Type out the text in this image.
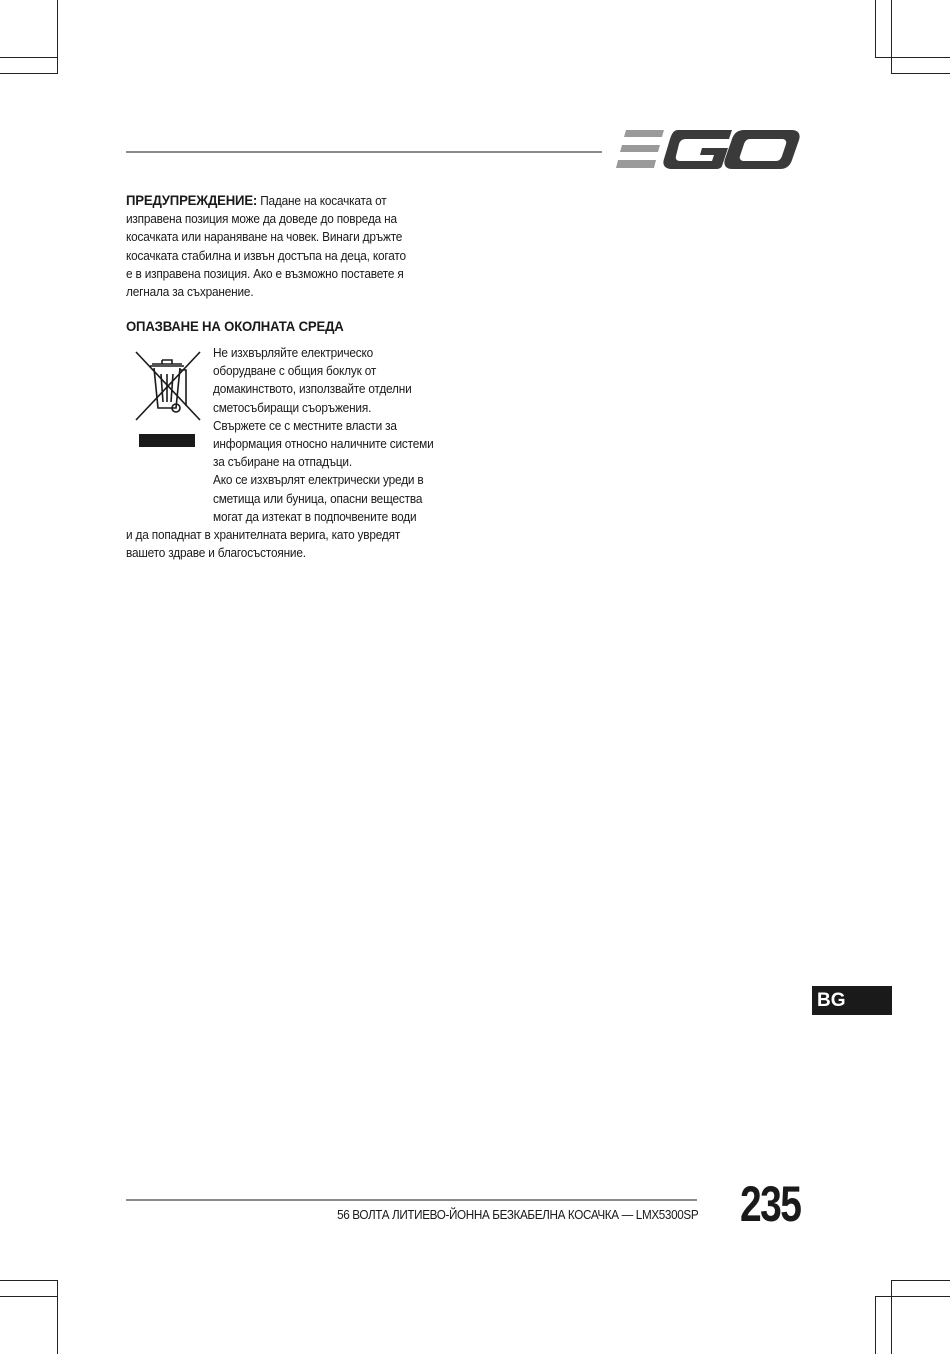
ПРЕДУПРЕЖДЕНИЕ: Падане на косачката от
изправена позиция може да доведе до повреда на
косачката или нараняване на човек. Винаги дръжте
косачката стабилна и извън достъпа на деца, когато
е в изправена позиция. Ако е възможно поставете я
легнала за съхранение.
ОПАЗВАНЕ НА ОКОЛНАТА СРЕДА
Не изхвърляйте електрическо
оборудване с общия боклук от
домакинството, използвайте отделни
сметосъбиращи съоръжения.
Свържете се с местните власти за
информация относно наличните системи
за събиране на отпадъци.
Ако се изхвърлят електрически уреди в
сметища или буница, опасни вещества
могат да изтекат в подпочвените води
и да попаднат в хранителната верига, като увредят
вашето здраве и благосъстояние.
BG
56 ВОЛТА ЛИТИЕВО-ЙОННА БЕЗКАБЕЛНА КОСАЧКА — LMX5300SP 235
